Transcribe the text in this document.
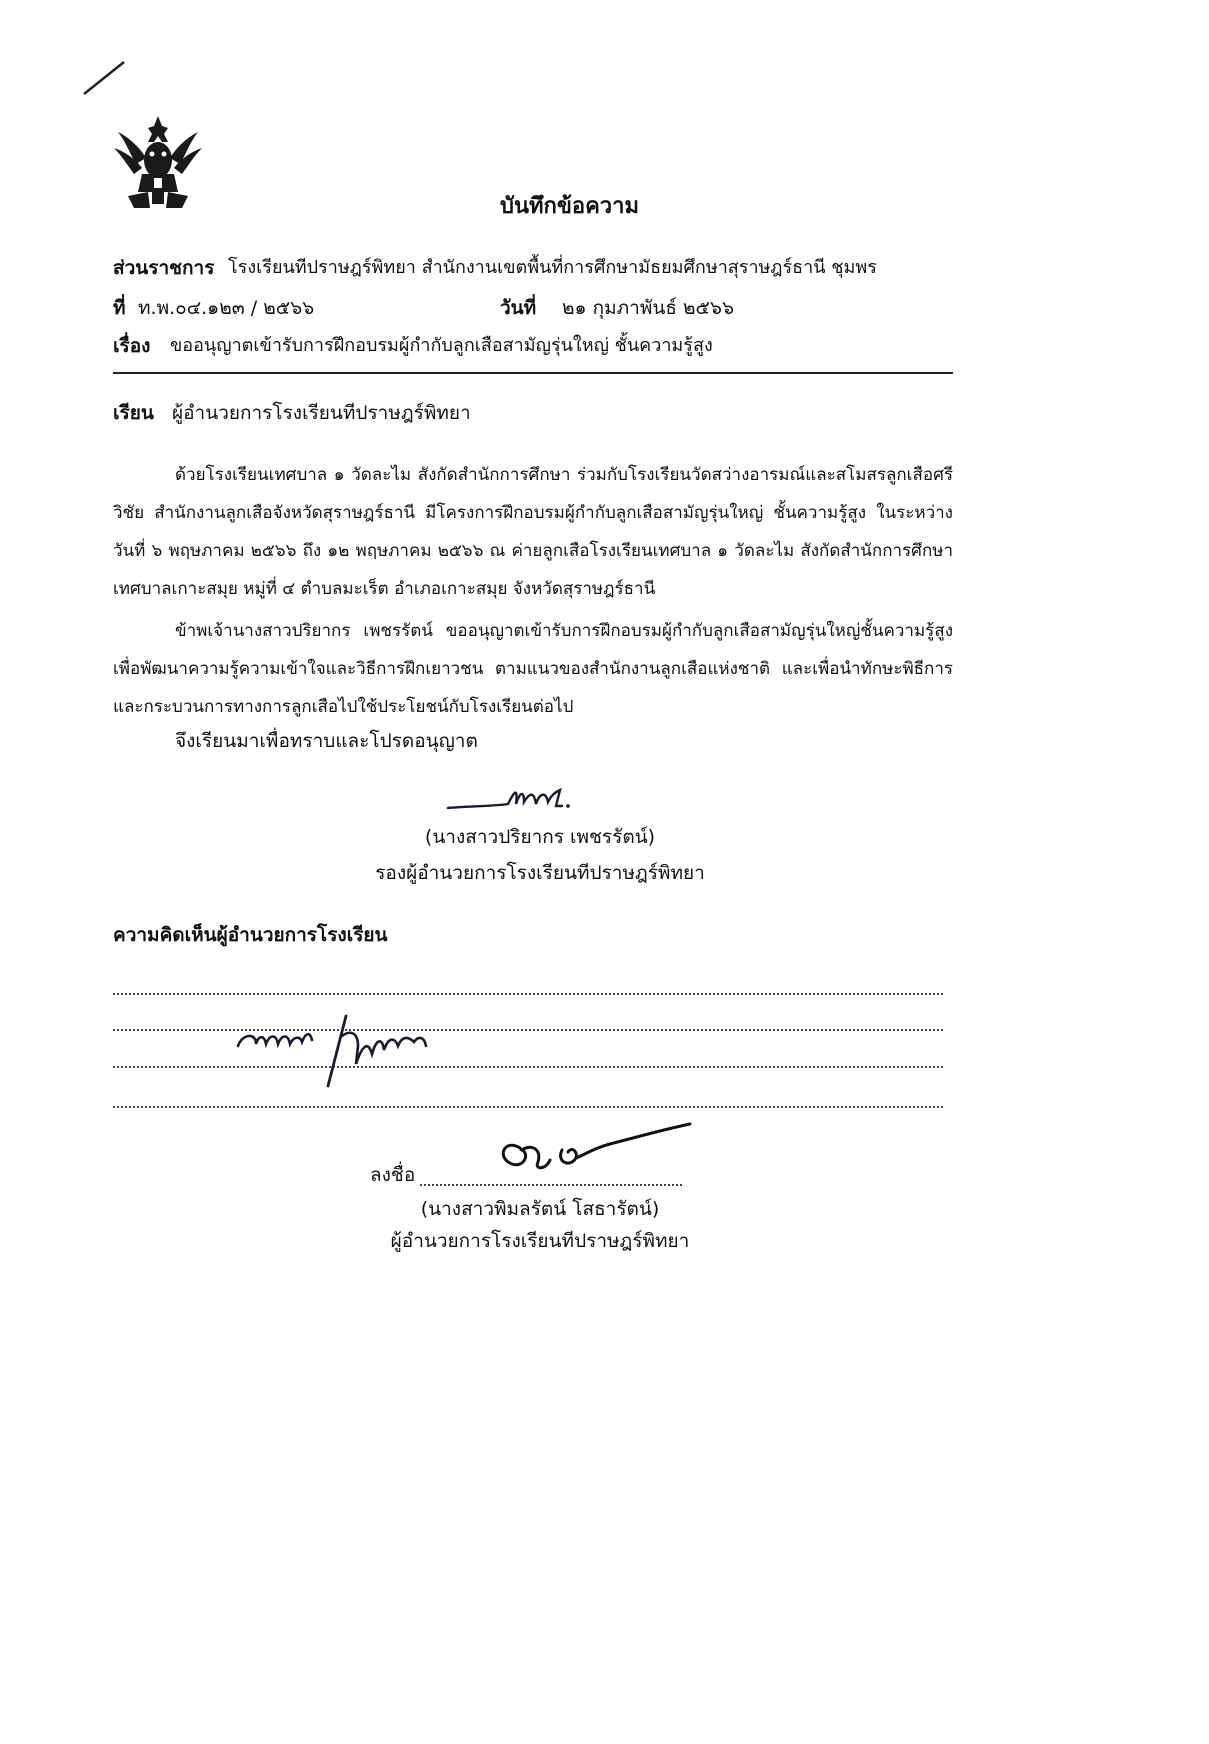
บันทึกข้อความ
ส่วนราชการ โรงเรียนทีปราษฎร์พิทยา สำนักงานเขตพื้นที่การศึกษามัธยมศึกษาสุราษฎร์ธานี ชุมพร
ที่ ท.พ.๐๔.๑๒๓ / ๒๕๖๖	วันที่ ๒๑ กุมภาพันธ์ ๒๕๖๖
เรื่อง ขออนุญาตเข้ารับการฝึกอบรมผู้กำกับลูกเสือสามัญรุ่นใหญ่ ชั้นความรู้สูง
เรียน ผู้อำนวยการโรงเรียนทีปราษฎร์พิทยา
ด้วยโรงเรียนเทศบาล ๑ วัดละไม สังกัดสำนักการศึกษา ร่วมกับโรงเรียนวัดสว่างอารมณ์และสโมสรลูกเสือศรีวิชัย สำนักงานลูกเสือจังหวัดสุราษฎร์ธานี มีโครงการฝึกอบรมผู้กำกับลูกเสือสามัญรุ่นใหญ่ ชั้นความรู้สูง ในระหว่างวันที่ ๖ พฤษภาคม ๒๕๖๖ ถึง ๑๒ พฤษภาคม ๒๕๖๖ ณ ค่ายลูกเสือโรงเรียนเทศบาล ๑ วัดละไม สังกัดสำนักการศึกษา เทศบาลเกาะสมุย หมู่ที่ ๔ ตำบลมะเร็ต อำเภอเกาะสมุย จังหวัดสุราษฎร์ธานี
ข้าพเจ้านางสาวปริยากร เพชรรัตน์ ขออนุญาตเข้ารับการฝึกอบรมผู้กำกับลูกเสือสามัญรุ่นใหญ่ชั้นความรู้สูง เพื่อพัฒนาความรู้ความเข้าใจและวิธีการฝึกเยาวชน ตามแนวของสำนักงานลูกเสือแห่งชาติ และเพื่อนำทักษะพิธีการ และกระบวนการทางการลูกเสือไปใช้ประโยชน์กับโรงเรียนต่อไป
จึงเรียนมาเพื่อทราบและโปรดอนุญาต
(นางสาวปริยากร เพชรรัตน์)
รองผู้อำนวยการโรงเรียนทีปราษฎร์พิทยา
ความคิดเห็นผู้อำนวยการโรงเรียน
ลงชื่อ
(นางสาวพิมลรัตน์ โสธารัตน์)
ผู้อำนวยการโรงเรียนทีปราษฎร์พิทยา
